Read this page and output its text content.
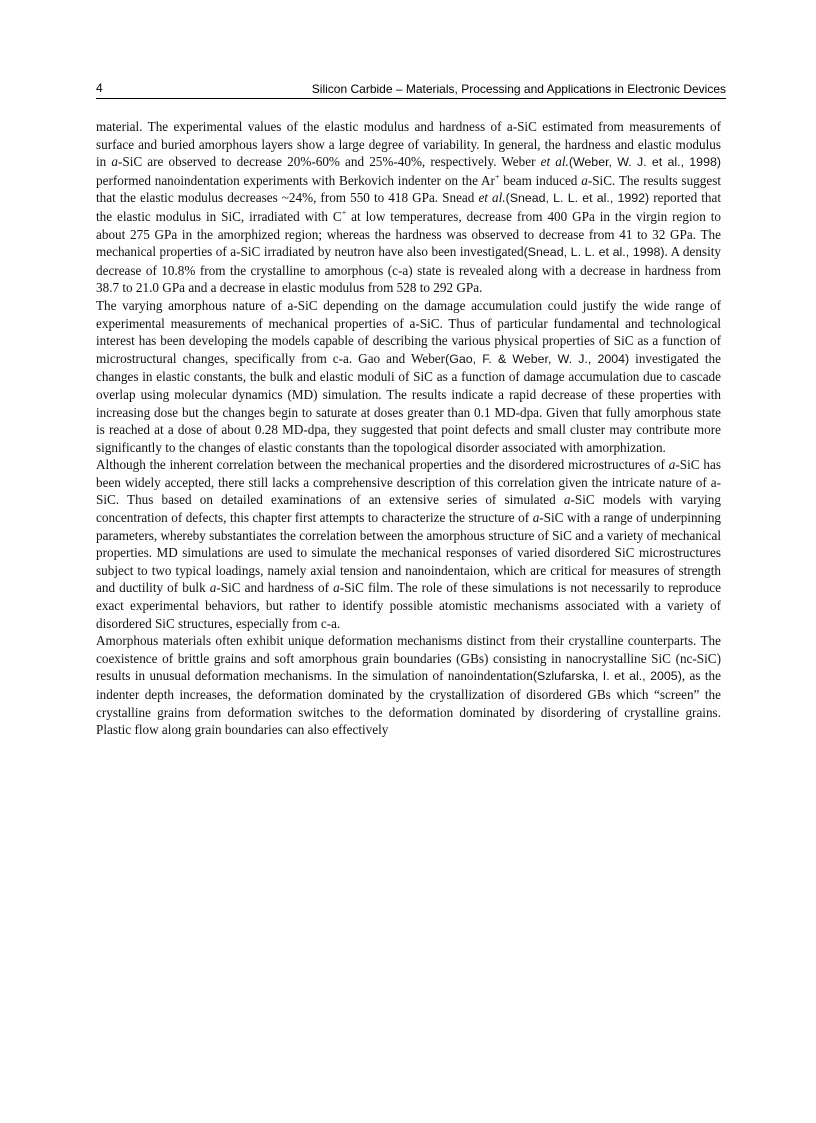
4	Silicon Carbide – Materials, Processing and Applications in Electronic Devices

material. The experimental values of the elastic modulus and hardness of a-SiC estimated from measurements of surface and buried amorphous layers show a large degree of variability. In general, the hardness and elastic modulus in a-SiC are observed to decrease 20%-60% and 25%-40%, respectively. Weber et al.(Weber, W. J. et al., 1998) performed nanoindentation experiments with Berkovich indenter on the Ar+ beam induced a-SiC. The results suggest that the elastic modulus decreases ~24%, from 550 to 418 GPa. Snead et al.(Snead, L. L. et al., 1992) reported that the elastic modulus in SiC, irradiated with C+ at low temperatures, decrease from 400 GPa in the virgin region to about 275 GPa in the amorphized region; whereas the hardness was observed to decrease from 41 to 32 GPa. The mechanical properties of a-SiC irradiated by neutron have also been investigated(Snead, L. L. et al., 1998). A density decrease of 10.8% from the crystalline to amorphous (c-a) state is revealed along with a decrease in hardness from 38.7 to 21.0 GPa and a decrease in elastic modulus from 528 to 292 GPa.

The varying amorphous nature of a-SiC depending on the damage accumulation could justify the wide range of experimental measurements of mechanical properties of a-SiC. Thus of particular fundamental and technological interest has been developing the models capable of describing the various physical properties of SiC as a function of microstructural changes, specifically from c-a. Gao and Weber(Gao, F. & Weber, W. J., 2004) investigated the changes in elastic constants, the bulk and elastic moduli of SiC as a function of damage accumulation due to cascade overlap using molecular dynamics (MD) simulation. The results indicate a rapid decrease of these properties with increasing dose but the changes begin to saturate at doses greater than 0.1 MD-dpa. Given that fully amorphous state is reached at a dose of about 0.28 MD-dpa, they suggested that point defects and small cluster may contribute more significantly to the changes of elastic constants than the topological disorder associated with amorphization.

Although the inherent correlation between the mechanical properties and the disordered microstructures of a-SiC has been widely accepted, there still lacks a comprehensive description of this correlation given the intricate nature of a-SiC. Thus based on detailed examinations of an extensive series of simulated a-SiC models with varying concentration of defects, this chapter first attempts to characterize the structure of a-SiC with a range of underpinning parameters, whereby substantiates the correlation between the amorphous structure of SiC and a variety of mechanical properties. MD simulations are used to simulate the mechanical responses of varied disordered SiC microstructures subject to two typical loadings, namely axial tension and nanoindentaion, which are critical for measures of strength and ductility of bulk a-SiC and hardness of a-SiC film. The role of these simulations is not necessarily to reproduce exact experimental behaviors, but rather to identify possible atomistic mechanisms associated with a variety of disordered SiC structures, especially from c-a.

Amorphous materials often exhibit unique deformation mechanisms distinct from their crystalline counterparts. The coexistence of brittle grains and soft amorphous grain boundaries (GBs) consisting in nanocrystalline SiC (nc-SiC) results in unusual deformation mechanisms. In the simulation of nanoindentation(Szlufarska, I. et al., 2005), as the indenter depth increases, the deformation dominated by the crystallization of disordered GBs which “screen” the crystalline grains from deformation switches to the deformation dominated by disordering of crystalline grains. Plastic flow along grain boundaries can also effectively
